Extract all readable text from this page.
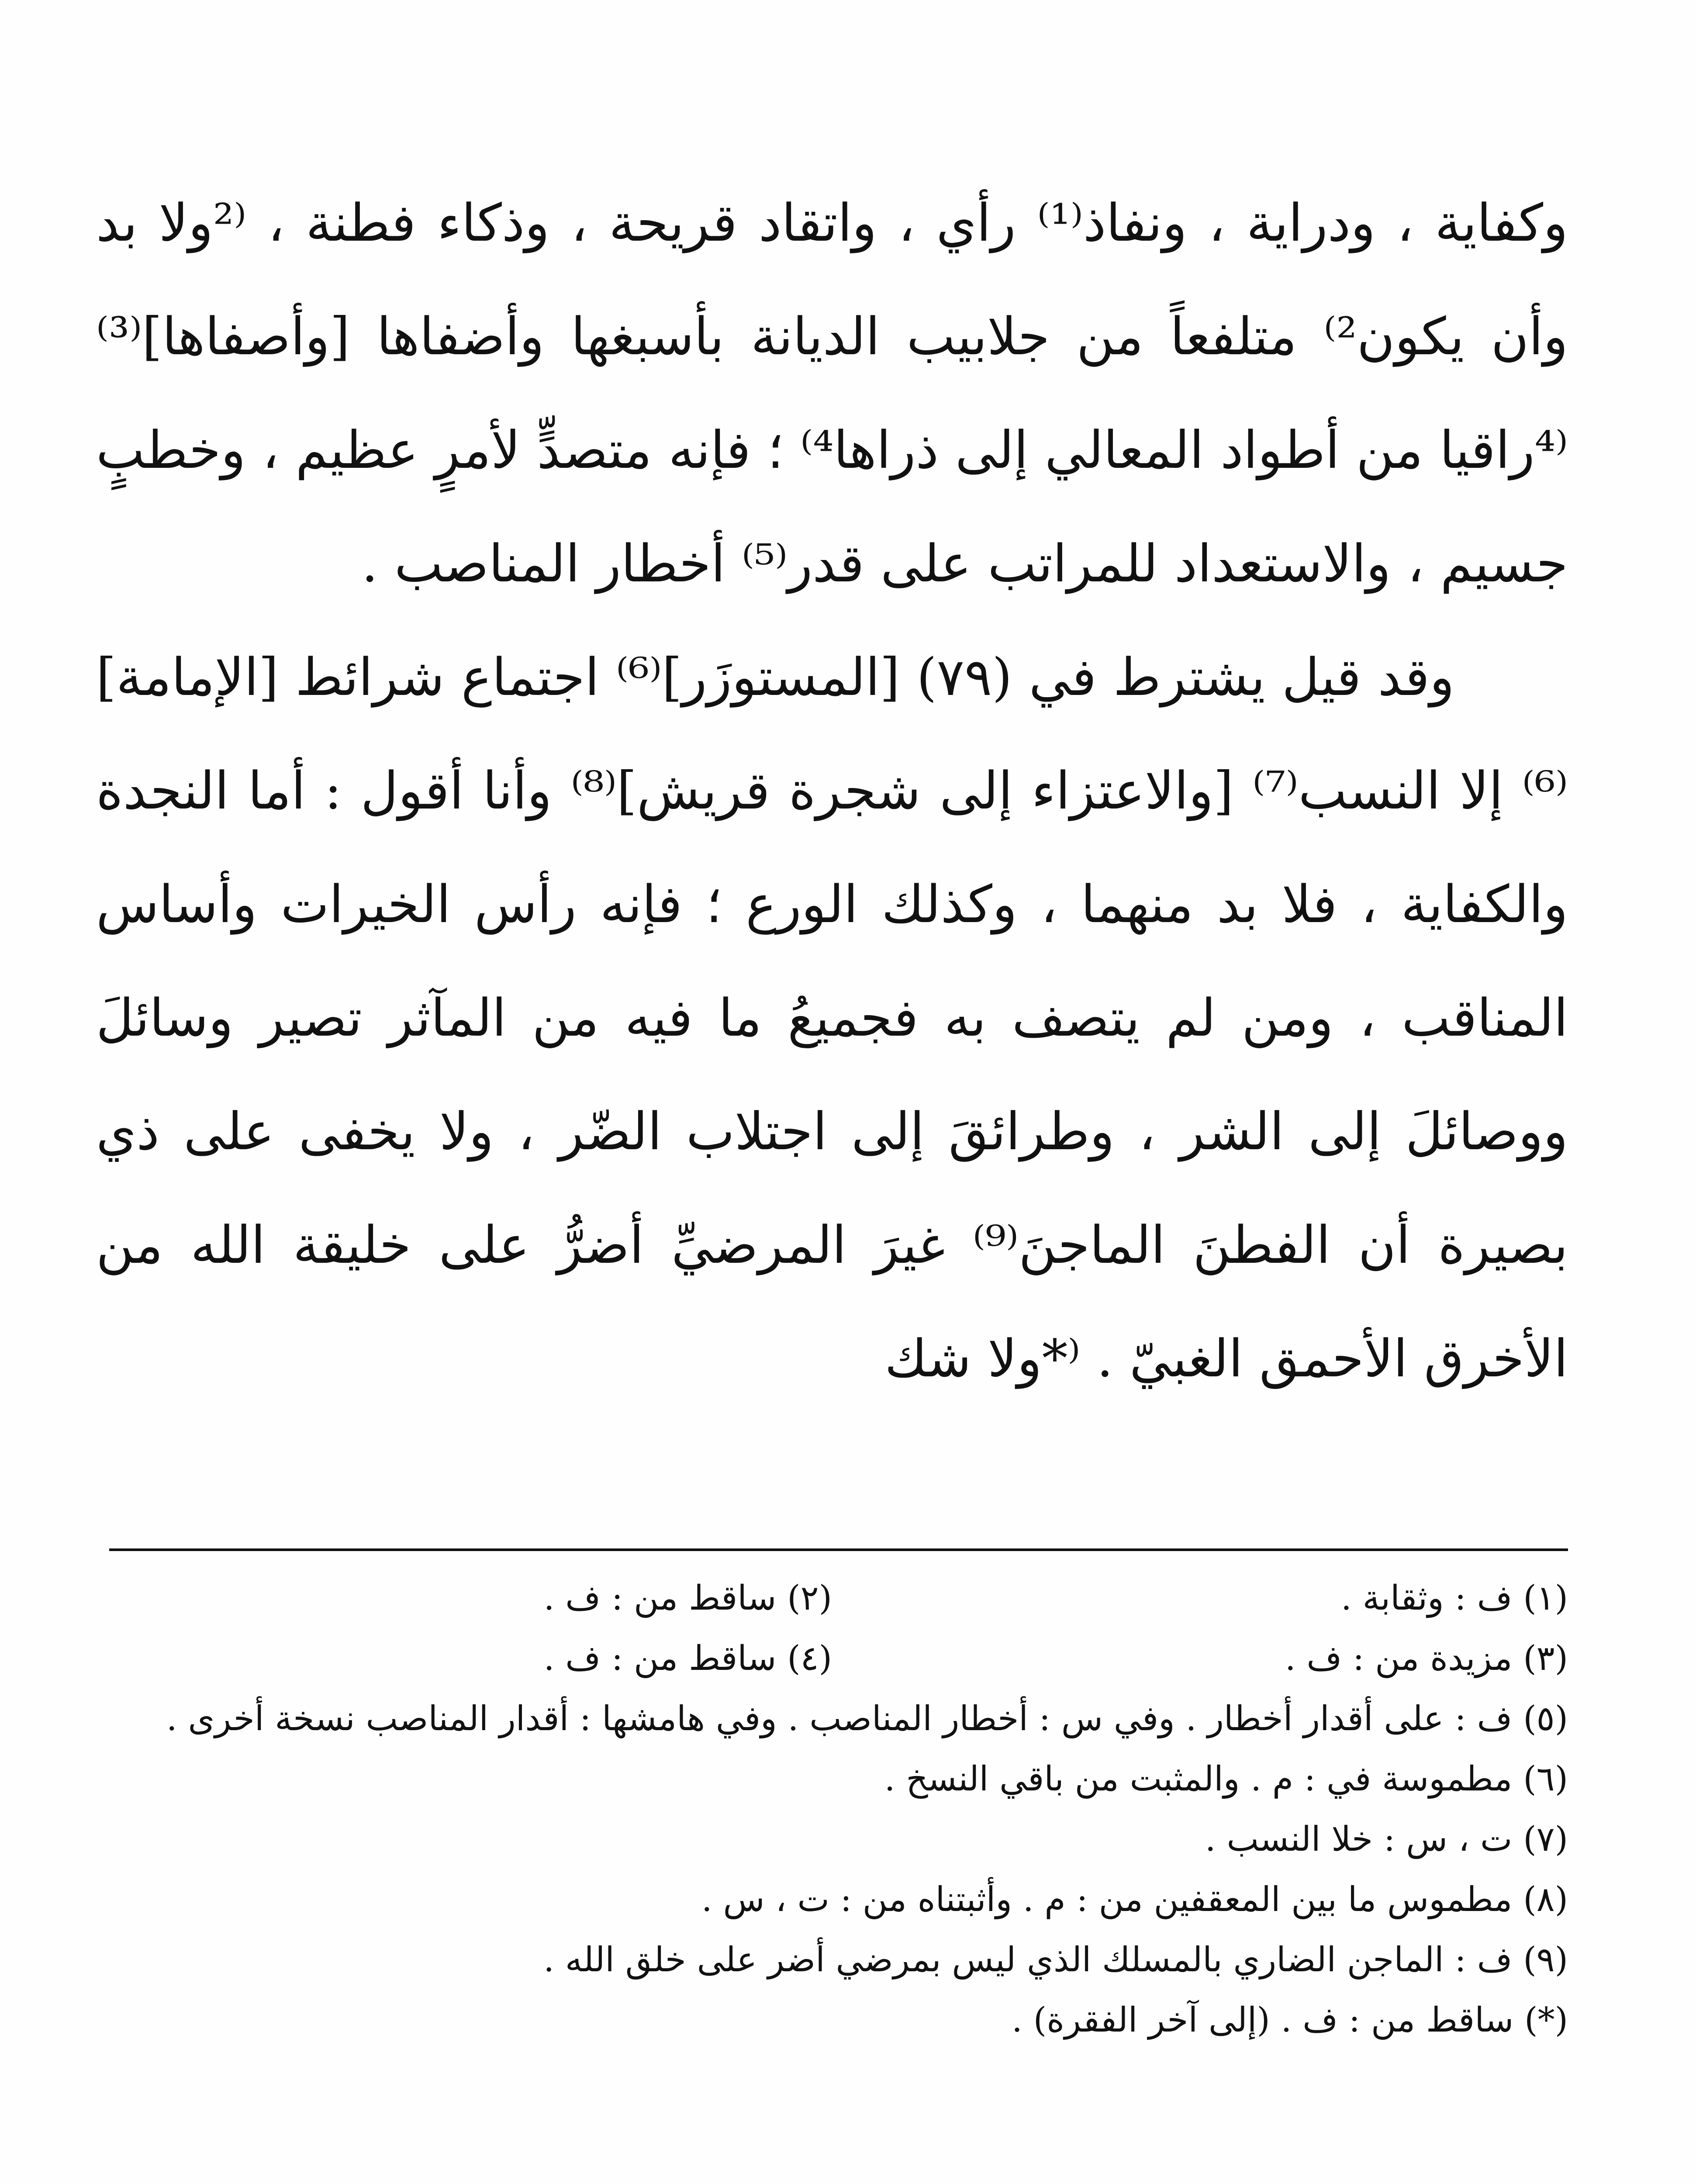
وكفاية ، ودراية ، ونفاذ⁽¹⁾ رأي ، واتقاد قريحة ، وذكاء فطنة ، ⁽²ولا بد وأن يكون²⁾ متلفعاً من جلابيب الديانة بأسبغها وأضفاها [وأصفاها]⁽³⁾ ⁽⁴راقيا من أطواد المعالي إلى ذراها⁴⁾ ؛ فإنه متصدٍّ لأمرٍ عظيم ، وخطبٍ جسيم ، والاستعداد للمراتب على قدر⁽⁵⁾ أخطار المناصب .

وقد قيل يشترط في (٧٩) [المستوزَر]⁽⁶⁾ اجتماع شرائط [الإمامة]⁽⁶⁾ إلا النسب⁽⁷⁾ [والاعتزاء إلى شجرة قريش]⁽⁸⁾ وأنا أقول : أما النجدة والكفاية ، فلا بد منهما ، وكذلك الورع ؛ فإنه رأس الخيرات وأساس المناقب ، ومن لم يتصف به فجميعُ ما فيه من المآثر تصير وسائلَ ووصائلَ إلى الشر ، وطرائقَ إلى اجتلاب الضّر ، ولا يخفى على ذي بصيرة أن الفطنَ الماجنَ⁽⁹⁾ غيرَ المرضيِّ أضرُّ على خليقة الله من الأخرق الأحمق الغبيّ . ⁽*ولا شك

(١) ف : وثقابة .

(٢) ساقط من : ف .

(٣) مزيدة من : ف .

(٤) ساقط من : ف .

(٥) ف : على أقدار أخطار . وفي س : أخطار المناصب . وفي هامشها : أقدار المناصب نسخة أخرى .

(٦) مطموسة في : م . والمثبت من باقي النسخ .

(٧) ت ، س : خلا النسب .

(٨) مطموس ما بين المعقفين من : م . وأثبتناه من : ت ، س .

(٩) ف : الماجن الضاري بالمسلك الذي ليس بمرضي أضر على خلق الله .

(*) ساقط من : ف . (إلى آخر الفقرة) .
